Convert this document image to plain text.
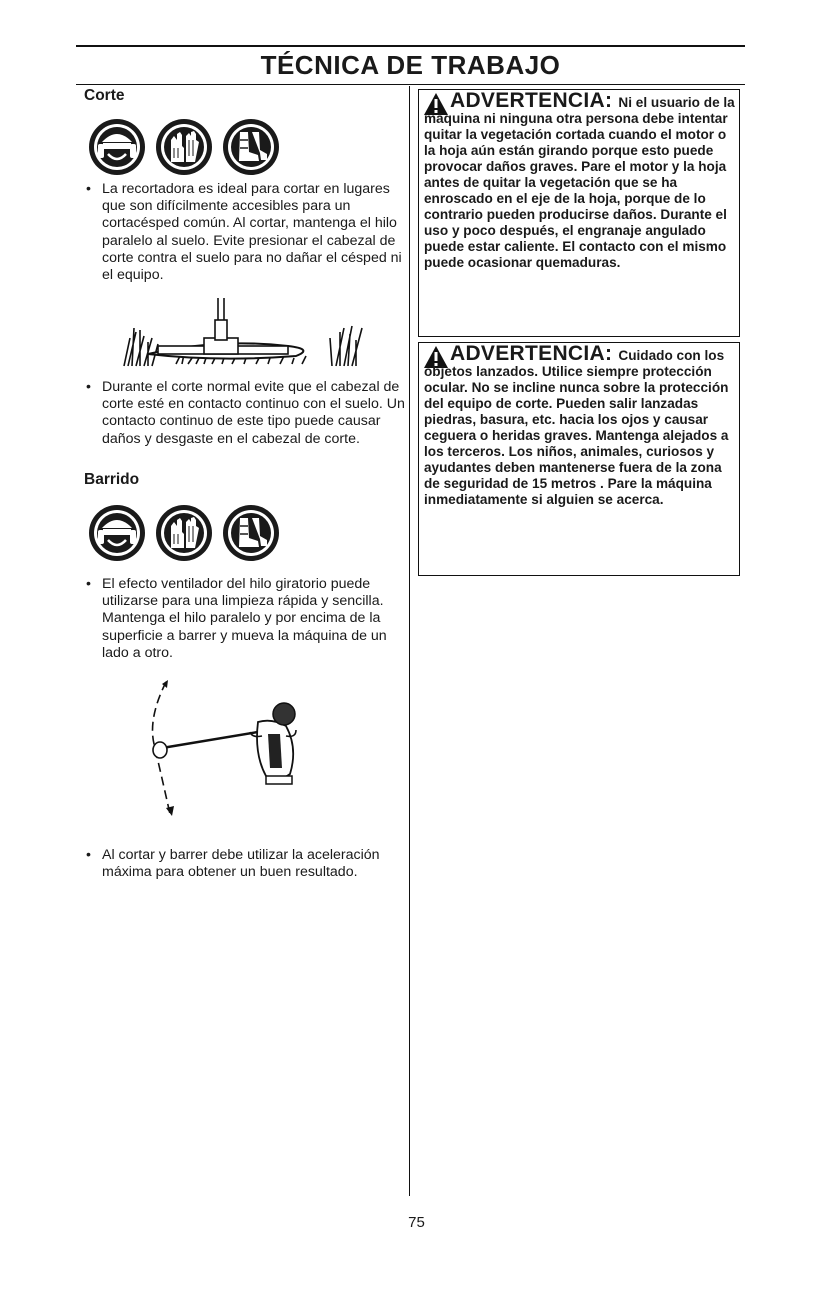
TÉCNICA DE TRABAJO
Corte

• La recortadora es ideal para cortar en lugares que son difícilmente accesibles para un cortacésped común. Al cortar, mantenga el hilo paralelo al suelo. Evite presionar el cabezal de corte contra el suelo para no dañar el césped ni el equipo.

• Durante el corte normal evite que el cabezal de corte esté en contacto continuo con el suelo. Un contacto continuo de este tipo puede causar daños y desgaste en el cabezal de corte.

Barrido

• El efecto ventilador del hilo giratorio puede utilizarse para una limpieza rápida y sencilla. Mantenga el hilo paralelo y por encima de la superficie a barrer y mueva la máquina de un lado a otro.

• Al cortar y barrer debe utilizar la aceleración máxima para obtener un buen resultado.

ADVERTENCIA: Ni el usuario de la máquina ni ninguna otra persona debe intentar quitar la vegetación cortada cuando el motor o la hoja aún están girando porque esto puede provocar daños graves. Pare el motor y la hoja antes de quitar la vegetación que se ha enroscado en el eje de la hoja, porque de lo contrario pueden producirse daños. Durante el uso y poco después, el engranaje angulado puede estar caliente. El contacto con el mismo puede ocasionar quemaduras.

ADVERTENCIA: Cuidado con los objetos lanzados. Utilice siempre protección ocular. No se incline nunca sobre la protección del equipo de corte. Pueden salir lanzadas piedras, basura, etc. hacia los ojos y causar ceguera o heridas graves. Mantenga alejados a los terceros. Los niños, animales, curiosos y ayudantes deben mantenerse fuera de la zona de seguridad de 15 metros . Pare la máquina inmediatamente si alguien se acerca.

75
